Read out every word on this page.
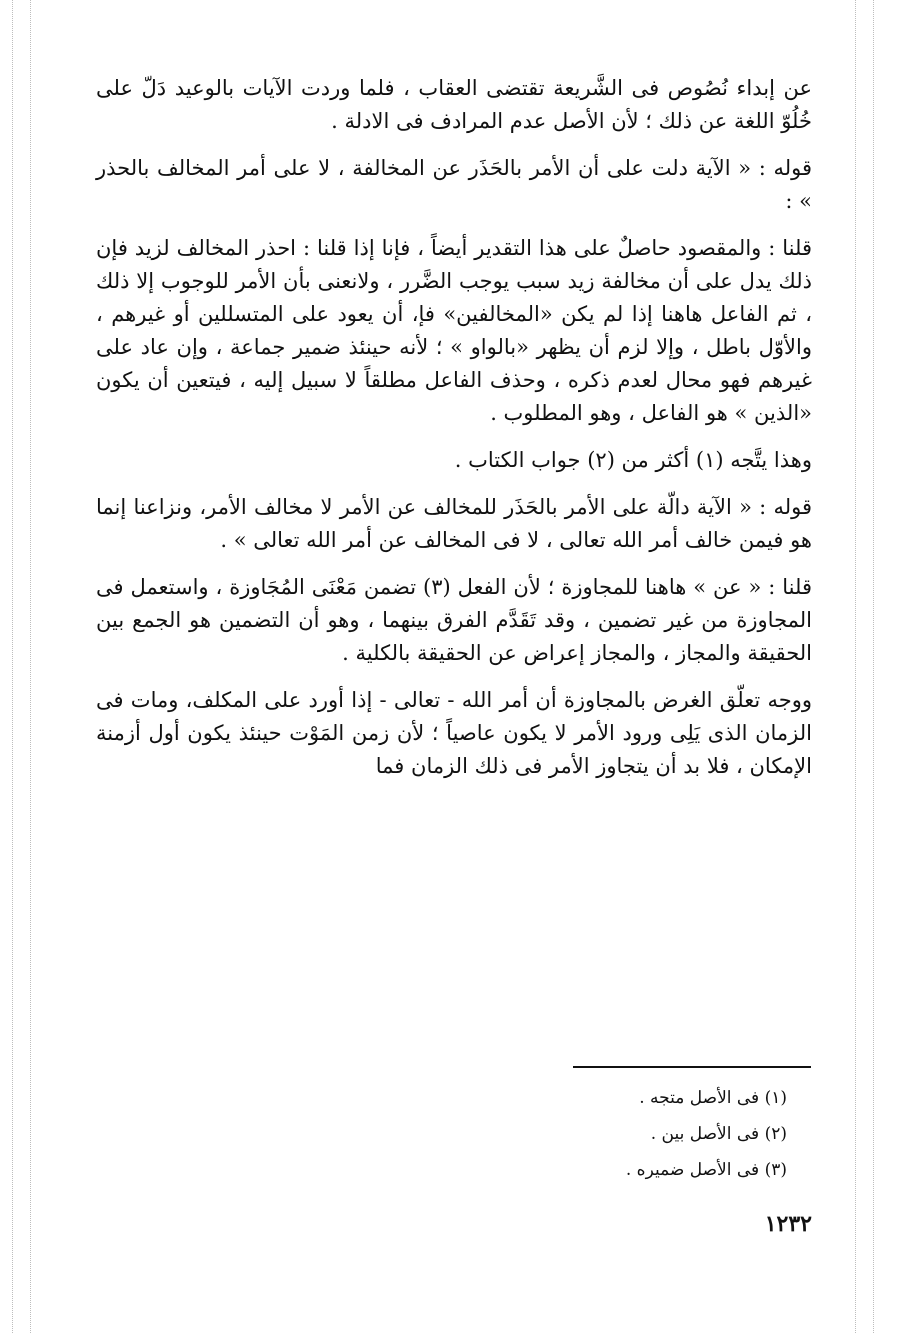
عن إبداء نُصُوص فى الشَّريعة تقتضى العقاب ، فلما وردت الآيات بالوعيد دَلّ على خُلُوّ اللغة عن ذلك ؛ لأن الأصل عدم المرادف فى الادلة .

قوله : « الآية دلت على أن الأمر بالحَذَر عن المخالفة ، لا على أمر المخالف بالحذر » :

قلنا : والمقصود حاصلٌ على هذا التقدير أيضاً ، فإنا إذا قلنا : احذر المخالف لزيد فإن ذلك يدل على أن مخالفة زيد سبب يوجب الضَّرر ، ولانعنى بأن الأمر للوجوب إلا ذلك ، ثم الفاعل هاهنا إذا لم يكن «المخالفين» فإ، أن يعود على المتسللين أو غيرهم ، والأوّل باطل ، وإلا لزم أن يظهر «بالواو » ؛ لأنه حينئذ ضمير جماعة ، وإن عاد على غيرهم فهو محال لعدم ذكره ، وحذف الفاعل مطلقاً لا سبيل إليه ، فيتعين أن يكون «الذين » هو الفاعل ، وهو المطلوب .

وهذا يتَّجه (١) أكثر من (٢) جواب الكتاب .

قوله : « الآية دالّة على الأمر بالحَذَر للمخالف عن الأمر لا مخالف الأمر، ونزاعنا إنما هو فيمن خالف أمر الله تعالى ، لا فى المخالف عن أمر الله تعالى » .

قلنا : « عن » هاهنا للمجاوزة ؛ لأن الفعل (٣) تضمن مَعْنَى المُجَاوزة ، واستعمل فى المجاوزة من غير تضمين ، وقد تَقَدَّم الفرق بينهما ، وهو أن التضمين هو الجمع بين الحقيقة والمجاز ، والمجاز إعراض عن الحقيقة بالكلية .

ووجه تعلّق الغرض بالمجاوزة أن أمر الله - تعالى - إذا أورد على المكلف، ومات فى الزمان الذى يَلِى ورود الأمر لا يكون عاصياً ؛ لأن زمن المَوْت حينئذ يكون أول أزمنة الإمكان ، فلا بد أن يتجاوز الأمر فى ذلك الزمان فما

(١) فى الأصل متجه .
(٢) فى الأصل بين .
(٣) فى الأصل ضميره .
١٢٣٢
